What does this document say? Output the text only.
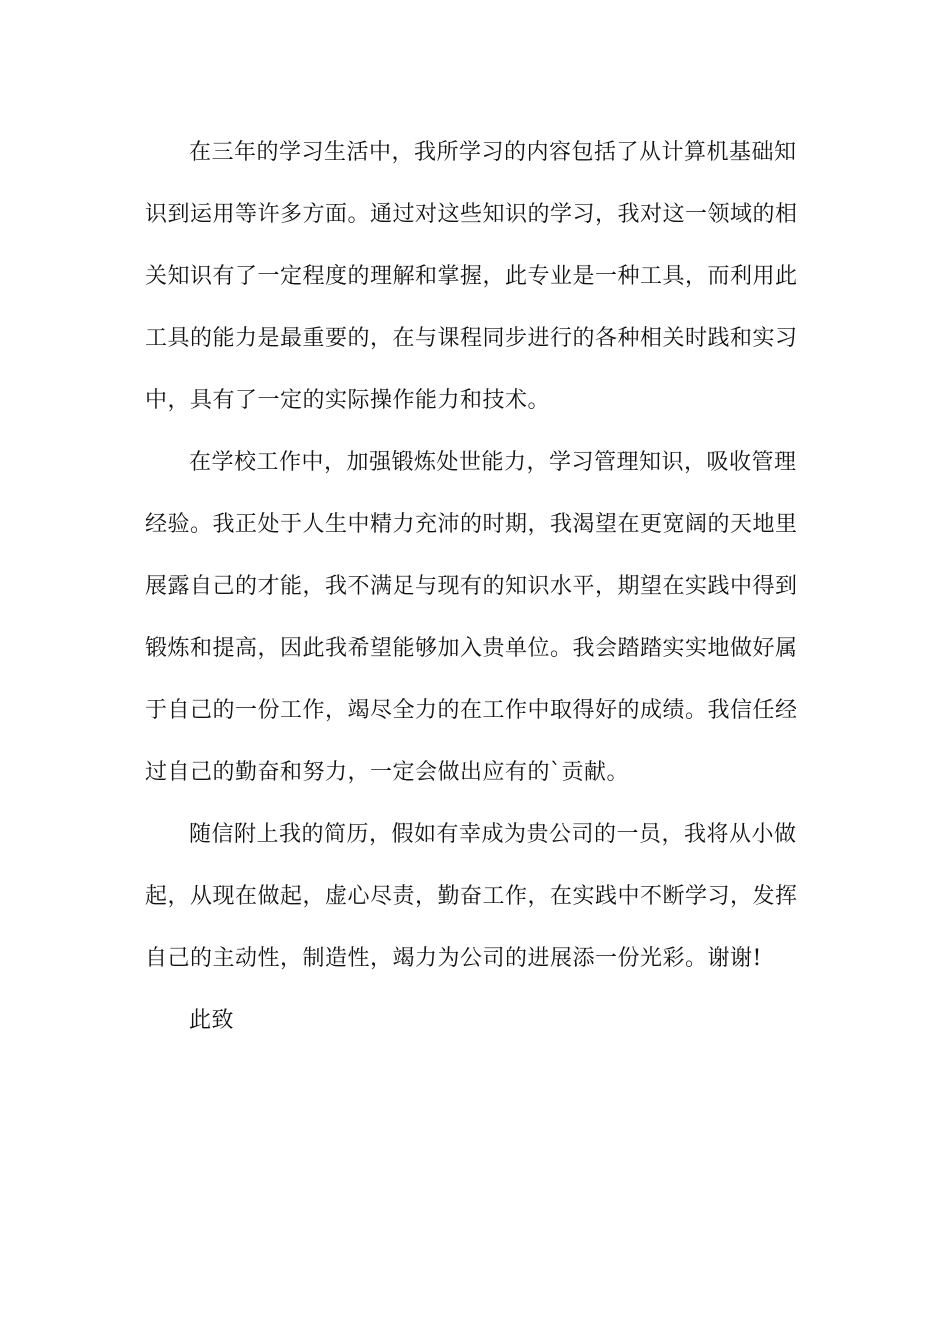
在三年的学习生活中，我所学习的内容包括了从计算机基础知
识到运用等许多方面。通过对这些知识的学习，我对这一领域的相
关知识有了一定程度的理解和掌握，此专业是一种工具，而利用此
工具的能力是最重要的，在与课程同步进行的各种相关时践和实习
中，具有了一定的实际操作能力和技术。
在学校工作中，加强锻炼处世能力，学习管理知识，吸收管理
经验。我正处于人生中精力充沛的时期，我渴望在更宽阔的天地里
展露自己的才能，我不满足与现有的知识水平，期望在实践中得到
锻炼和提高，因此我希望能够加入贵单位。我会踏踏实实地做好属
于自己的一份工作，竭尽全力的在工作中取得好的成绩。我信任经
过自己的勤奋和努力，一定会做出应有的`贡献。
随信附上我的简历，假如有幸成为贵公司的一员，我将从小做
起，从现在做起，虚心尽责，勤奋工作，在实践中不断学习，发挥
自己的主动性，制造性，竭力为公司的进展添一份光彩。谢谢!
此致
